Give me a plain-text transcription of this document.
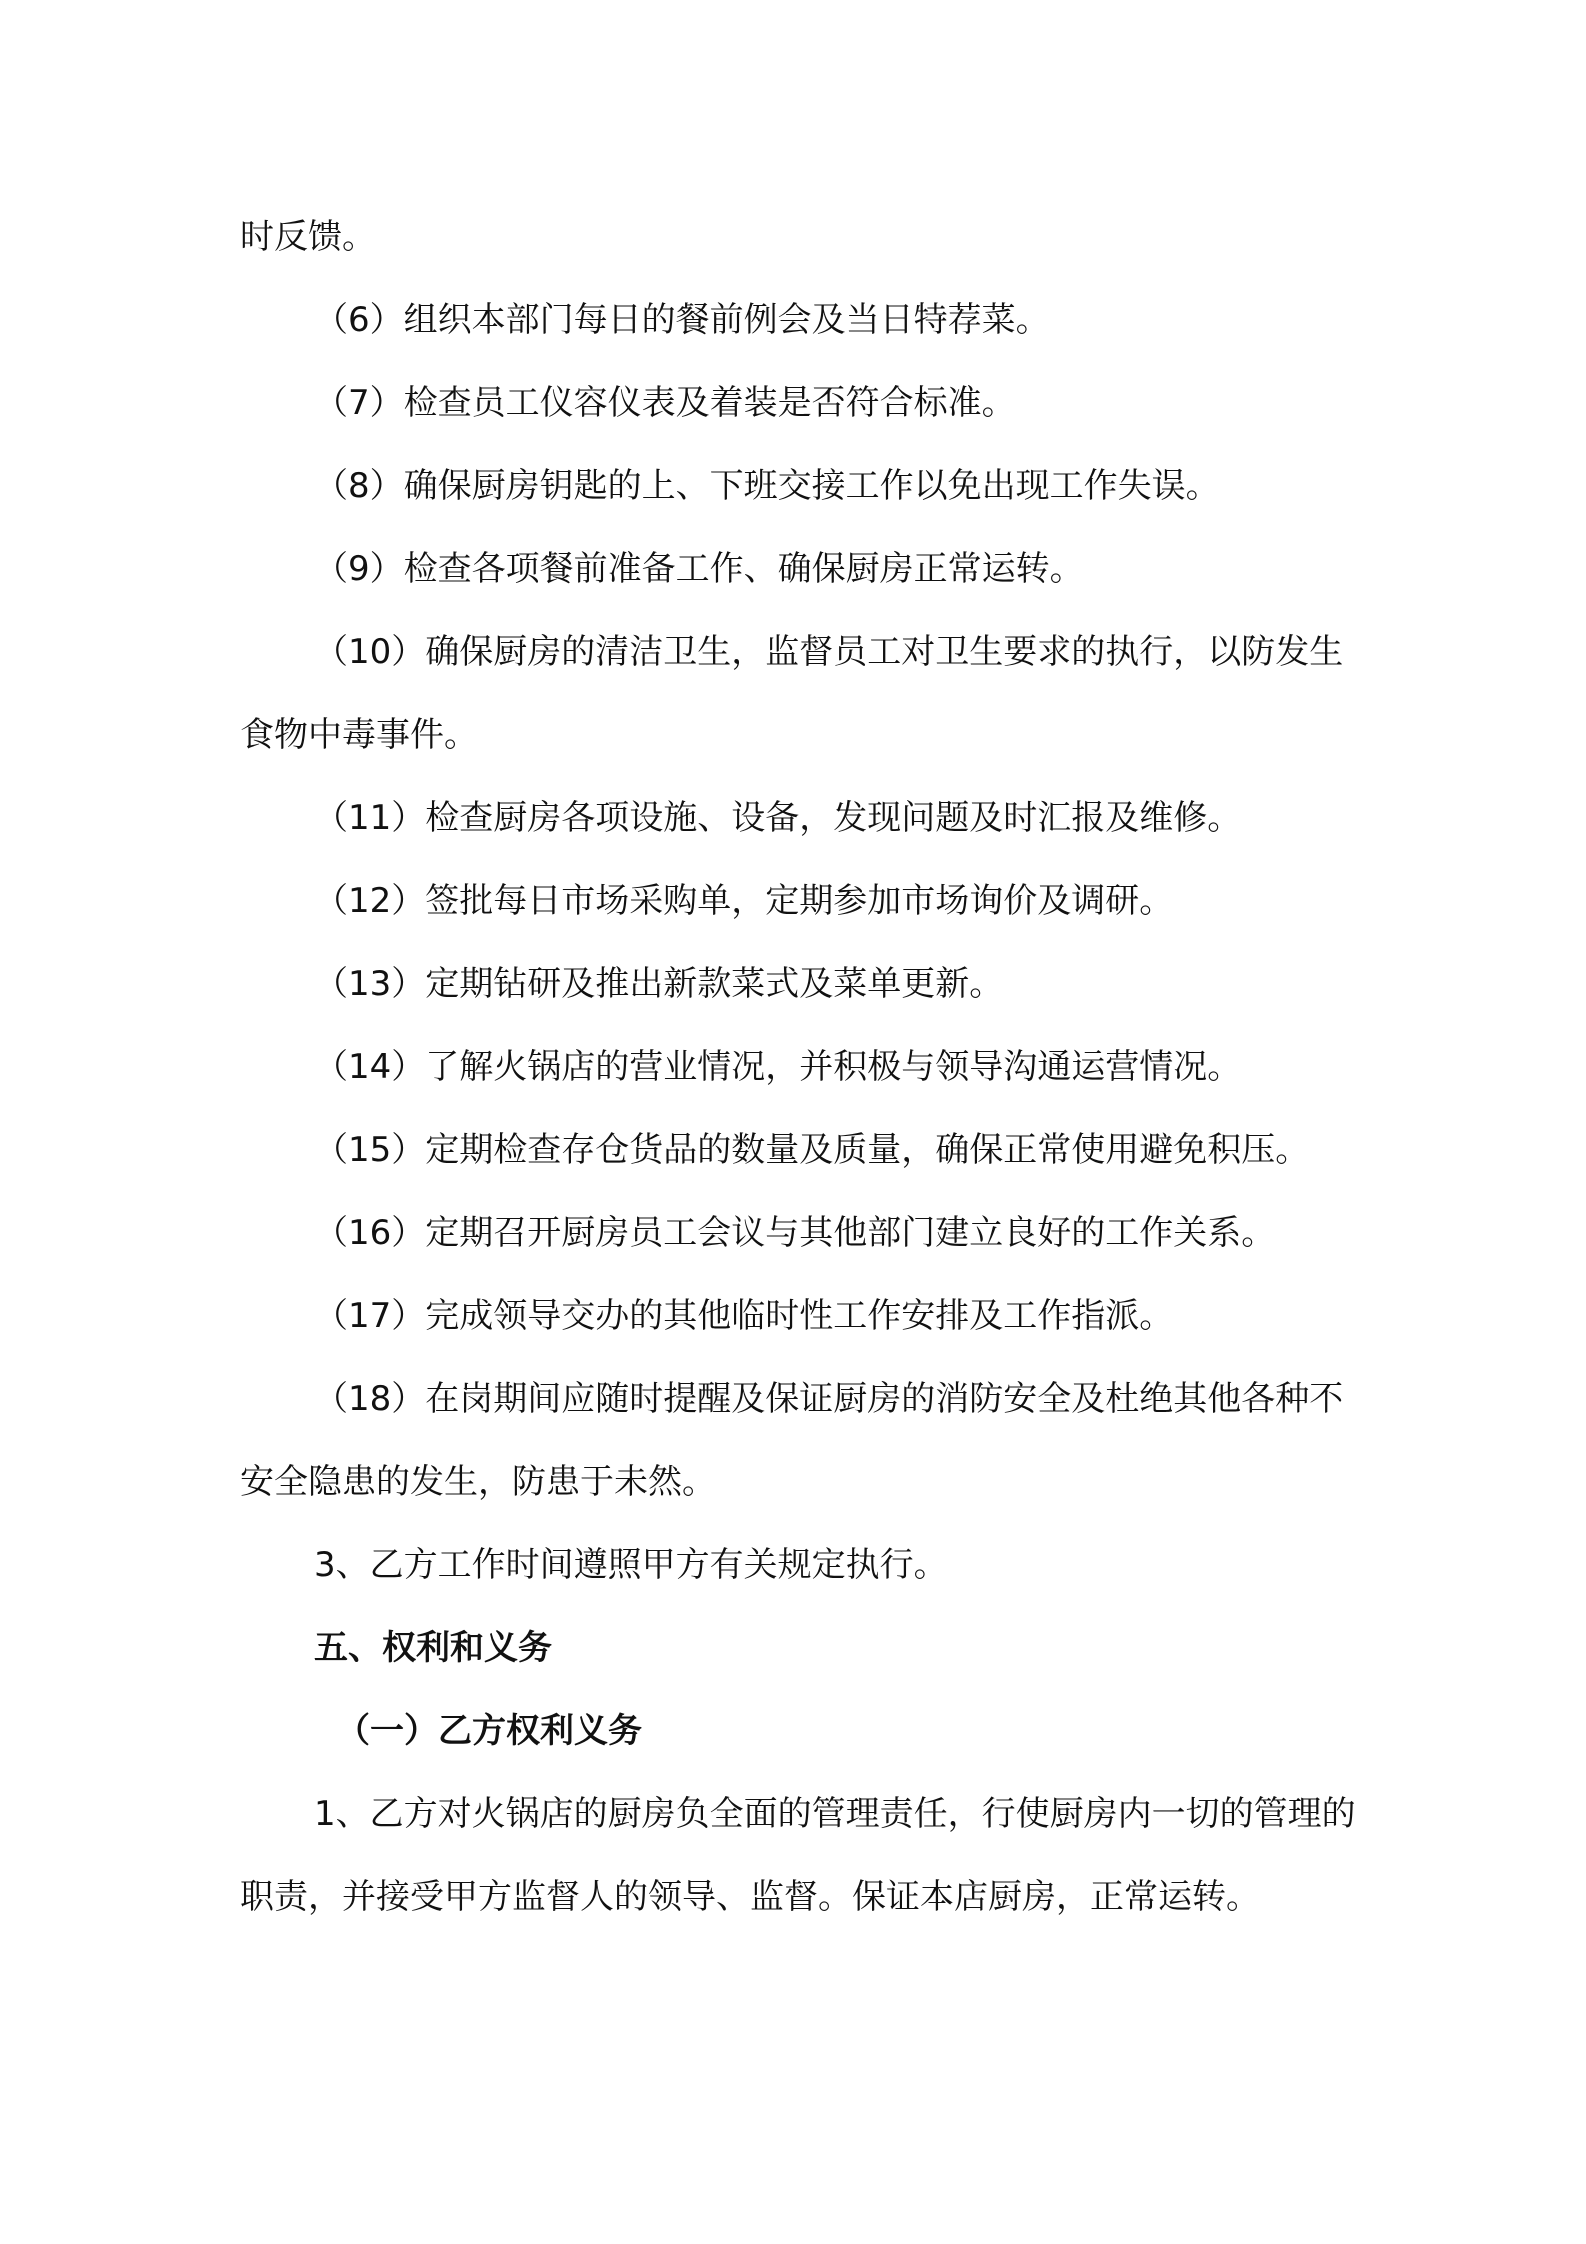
时反馈。

（6）组织本部门每日的餐前例会及当日特荐菜。

（7）检查员工仪容仪表及着装是否符合标准。

（8）确保厨房钥匙的上、下班交接工作以免出现工作失误。

（9）检查各项餐前准备工作、确保厨房正常运转。

（10）确保厨房的清洁卫生，监督员工对卫生要求的执行，以防发生食物中毒事件。

（11）检查厨房各项设施、设备，发现问题及时汇报及维修。

（12）签批每日市场采购单，定期参加市场询价及调研。

（13）定期钻研及推出新款菜式及菜单更新。

（14）了解火锅店的营业情况，并积极与领导沟通运营情况。

（15）定期检查存仓货品的数量及质量，确保正常使用避免积压。

（16）定期召开厨房员工会议与其他部门建立良好的工作关系。

（17）完成领导交办的其他临时性工作安排及工作指派。

（18）在岗期间应随时提醒及保证厨房的消防安全及杜绝其他各种不安全隐患的发生，防患于未然。

3、乙方工作时间遵照甲方有关规定执行。

五、权利和义务

（一）乙方权利义务

1、乙方对火锅店的厨房负全面的管理责任，行使厨房内一切的管理的职责，并接受甲方监督人的领导、监督。保证本店厨房，正常运转。
